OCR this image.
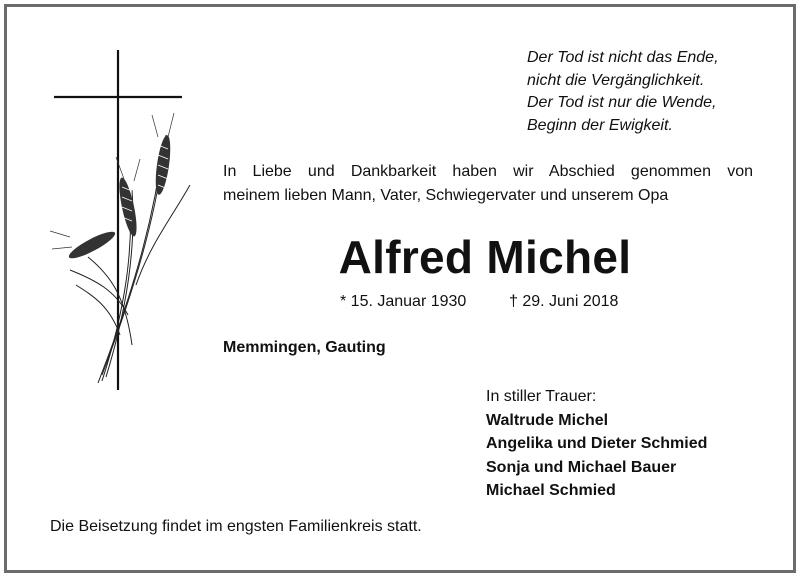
Der Tod ist nicht das Ende,
nicht die Vergänglichkeit.
Der Tod ist nur die Wende,
Beginn der Ewigkeit.
In Liebe und Dankbarkeit haben wir Abschied genommen von
meinem lieben Mann, Vater, Schwiegervater und unserem Opa
Alfred Michel
* 15. Januar 1930	† 29. Juni 2018
Memmingen, Gauting
In stiller Trauer:
Waltrude Michel
Angelika und Dieter Schmied
Sonja und Michael Bauer
Michael Schmied
Die Beisetzung findet im engsten Familienkreis statt.
